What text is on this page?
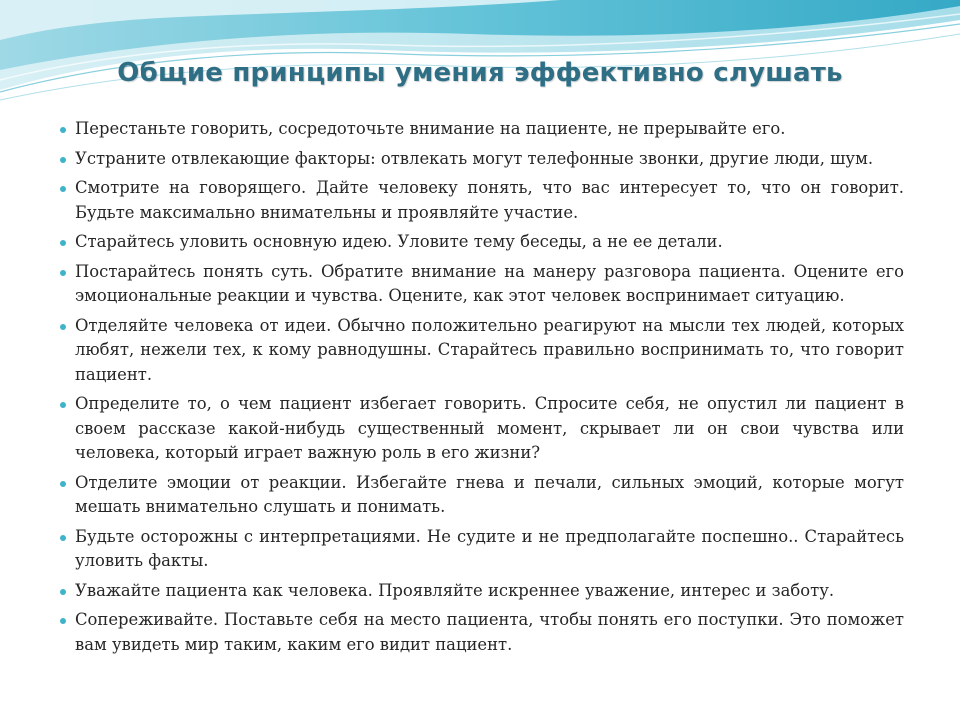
Общие принципы умения эффективно слушать
Перестаньте говорить, сосредоточьте внимание на пациенте, не прерывайте его.
Устраните отвлекающие факторы: отвлекать могут телефонные звонки, другие люди, шум.
Смотрите на говорящего. Дайте человеку понять, что вас интересует то, что он говорит. Будьте максимально внимательны и проявляйте участие.
Старайтесь уловить основную идею. Уловите тему беседы, а не ее детали.
Постарайтесь понять суть. Обратите внимание на манеру разговора пациента. Оцените его эмоциональные реакции и чувства. Оцените, как этот человек воспринимает ситуацию.
Отделяйте человека от идеи. Обычно положительно реагируют на мысли тех людей, которых любят, нежели тех, к кому равнодушны. Старайтесь правильно воспринимать то, что говорит пациент.
Определите то, о чем пациент избегает говорить. Спросите себя, не опустил ли пациент в своем рассказе какой-нибудь существенный момент, скрывает ли он свои чувства или человека, который играет важную роль в его жизни?
Отделите эмоции от реакции. Избегайте гнева и печали, сильных эмоций, которые могут мешать внимательно слушать и понимать.
Будьте осторожны с интерпретациями. Не судите и не предполагайте поспешно.. Старайтесь уловить факты.
Уважайте пациента как человека. Проявляйте искреннее уважение, интерес и заботу.
Сопереживайте. Поставьте себя на место пациента, чтобы понять его поступки. Это поможет вам увидеть мир таким, каким его видит пациент.
